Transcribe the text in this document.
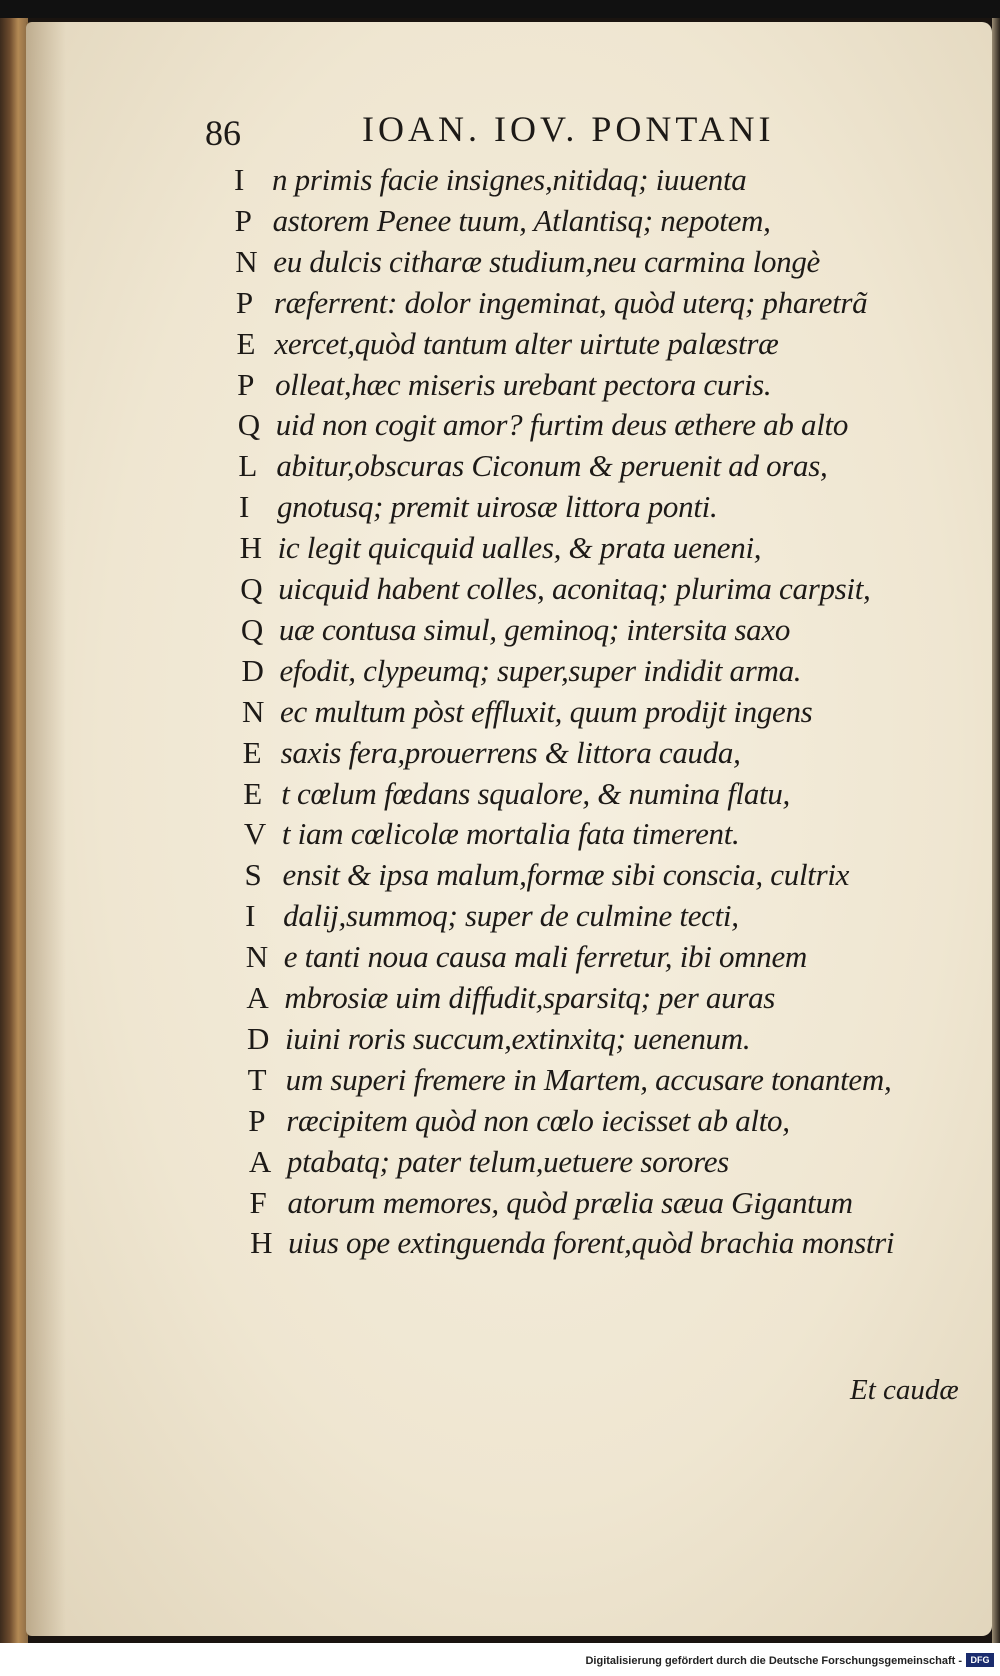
86	IOAN. IOV. PONTANI
I n primis facie insignes,nitidaq; iuuenta
P astorem Penee tuum, Atlantisq; nepotem,
N eu dulcis citharæ studium,neu carmina longè
P ræferrent: dolor ingeminat, quòd uterq; pharetrã
E xercet,quòd tantum alter uirtute palæstræ
P olleat,hæc miseris urebant pectora curis.
Q uid non cogit amor? furtim deus æthere ab alto
L abitur,obscuras Ciconum & peruenit ad oras,
I gnotusq; premit uirosæ littora ponti.
H ic legit quicquid ualles, & prata ueneni,
Q uicquid habent colles, aconitaq; plurima carpsit,
Q uæ contusa simul, geminoq; intersita saxo
D efodit, clypeumq; super,super indidit arma.
N ec multum pòst effluxit, quum prodijt ingens
E saxis fera,prouerrens & littora cauda,
E t cœlum fœdans squalore, & numina flatu,
V t iam cœlicolæ mortalia fata timerent.
S ensit & ipsa malum,formæ sibi conscia, cultrix
I dalij,summoq; super de culmine tecti,
N e tanti noua causa mali ferretur, ibi omnem
A mbrosiæ uim diffudit,sparsitq; per auras
D iuini roris succum,extinxitq; uenenum.
T um superi fremere in Martem, accusare tonantem,
P ræcipitem quòd non cœlo iecisset ab alto,
A ptabatq; pater telum,uetuere sorores
F atorum memores, quòd prælia sæua Gigantum
H uius ope extinguenda forent,quòd brachia monstri
Et caudæ
Digitalisierung gefördert durch die Deutsche Forschungsgemeinschaft - DFG
